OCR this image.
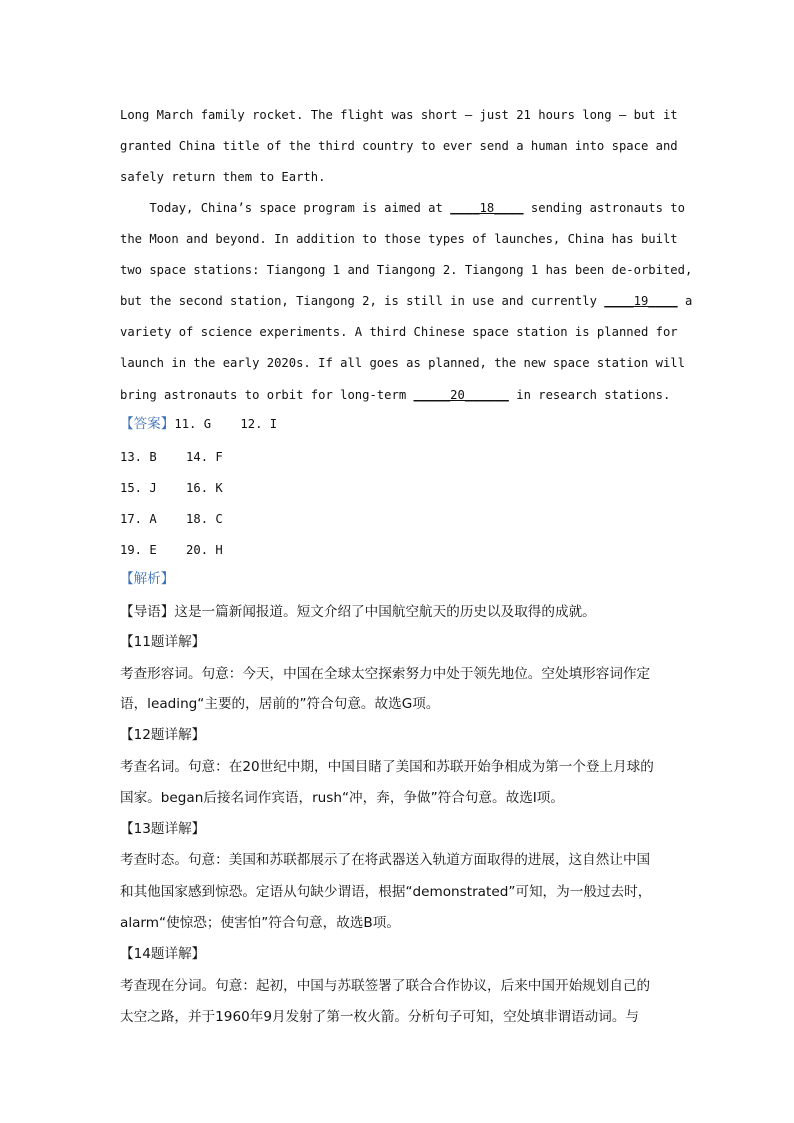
Long March family rocket. The flight was short – just 21 hours long – but it
granted China title of the third country to ever send a human into space and
safely return them to Earth.
Today, China’s space program is aimed at ____18____ sending astronauts to
the Moon and beyond. In addition to those types of launches, China has built
two space stations: Tiangong 1 and Tiangong 2. Tiangong 1 has been de-orbited,
but the second station, Tiangong 2, is still in use and currently ____19____ a
variety of science experiments. A third Chinese space station is planned for
launch in the early 2020s. If all goes as planned, the new space station will
bring astronauts to orbit for long-term _____20______ in research stations.
【答案】11. G    12. I
13. B    14. F
15. J    16. K
17. A    18. C
19. E    20. H
【解析】
【导语】这是一篇新闻报道。短文介绍了中国航空航天的历史以及取得的成就。
【11题详解】
考查形容词。句意：今天，中国在全球太空探索努力中处于领先地位。空处填形容词作定
语，leading“主要的，居前的”符合句意。故选G项。
【12题详解】
考查名词。句意：在20世纪中期，中国目睹了美国和苏联开始争相成为第一个登上月球的
国家。began后接名词作宾语，rush“冲，奔，争做”符合句意。故选I项。
【13题详解】
考查时态。句意：美国和苏联都展示了在将武器送入轨道方面取得的进展，这自然让中国
和其他国家感到惊恐。定语从句缺少谓语，根据“demonstrated”可知，为一般过去时，
alarm“使惊恐；使害怕”符合句意，故选B项。
【14题详解】
考查现在分词。句意：起初，中国与苏联签署了联合合作协议，后来中国开始规划自己的
太空之路，并于1960年9月发射了第一枚火箭。分析句子可知，空处填非谓语动词。与
